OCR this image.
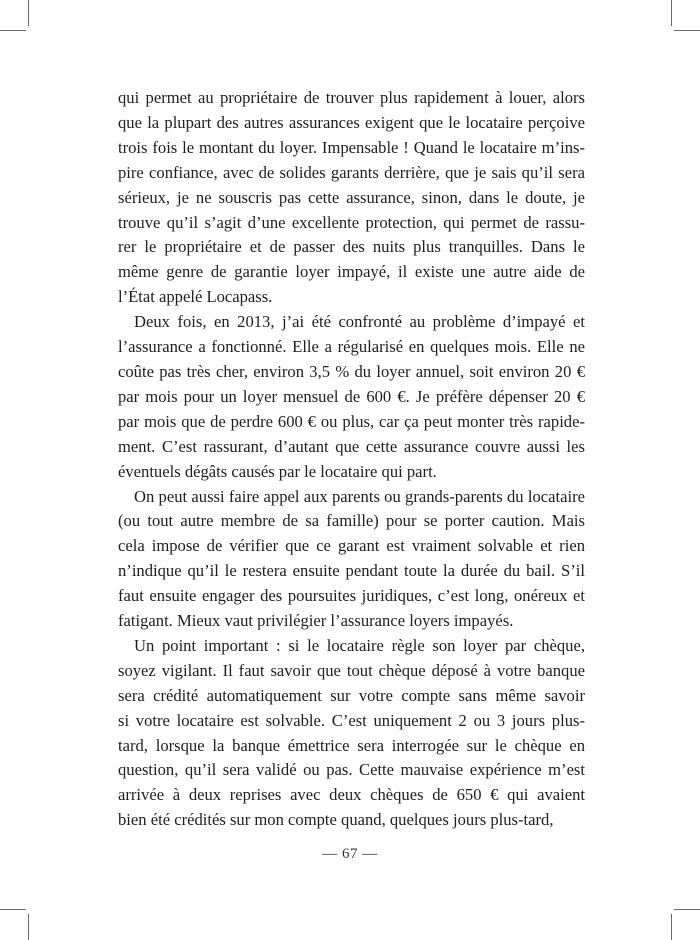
qui permet au propriétaire de trouver plus rapidement à louer, alors
que la plupart des autres assurances exigent que le locataire perçoive
trois fois le montant du loyer. Impensable ! Quand le locataire m’ins-
pire confiance, avec de solides garants derrière, que je sais qu’il sera
sérieux, je ne souscris pas cette assurance, sinon, dans le doute, je
trouve qu’il s’agit d’une excellente protection, qui permet de rassu-
rer le propriétaire et de passer des nuits plus tranquilles. Dans le
même genre de garantie loyer impayé, il existe une autre aide de
l’État appelé Locapass.

Deux fois, en 2013, j’ai été confronté au problème d’impayé et
l’assurance a fonctionné. Elle a régularisé en quelques mois. Elle ne
coûte pas très cher, environ 3,5 % du loyer annuel, soit environ 20 €
par mois pour un loyer mensuel de 600 €. Je préfère dépenser 20 €
par mois que de perdre 600 € ou plus, car ça peut monter très rapide-
ment. C’est rassurant, d’autant que cette assurance couvre aussi les
éventuels dégâts causés par le locataire qui part.

On peut aussi faire appel aux parents ou grands-parents du locataire
(ou tout autre membre de sa famille) pour se porter caution. Mais
cela impose de vérifier que ce garant est vraiment solvable et rien
n’indique qu’il le restera ensuite pendant toute la durée du bail. S’il
faut ensuite engager des poursuites juridiques, c’est long, onéreux et
fatigant. Mieux vaut privilégier l’assurance loyers impayés.

Un point important : si le locataire règle son loyer par chèque,
soyez vigilant. Il faut savoir que tout chèque déposé à votre banque
sera crédité automatiquement sur votre compte sans même savoir
si votre locataire est solvable. C’est uniquement 2 ou 3 jours plus-
tard, lorsque la banque émettrice sera interrogée sur le chèque en
question, qu’il sera validé ou pas. Cette mauvaise expérience m’est
arrivée à deux reprises avec deux chèques de 650 € qui avaient
bien été crédités sur mon compte quand, quelques jours plus-tard,

— 67 —
